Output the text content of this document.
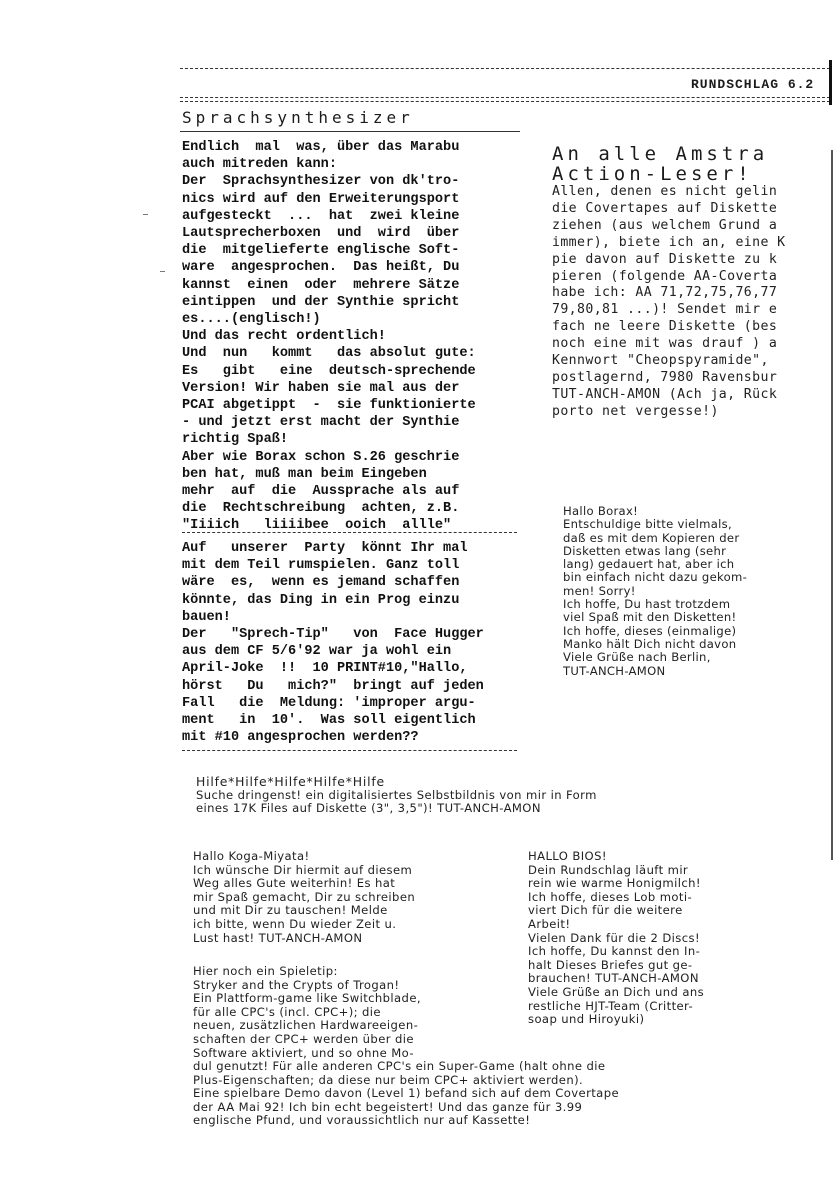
RUNDSCHLAG 6.2
Sprachsynthesizer
Endlich  mal  was, über das Marabu
auch mitreden kann:
Der  Sprachsynthesizer von dk'tro-
nics wird auf den Erweiterungsport
aufgesteckt  ...  hat  zwei kleine
Lautsprecherboxen  und  wird  über
die  mitgelieferte englische Soft-
ware  angesprochen.  Das heißt, Du
kannst  einen  oder  mehrere Sätze
eintippen  und der Synthie spricht
es....(englisch!)
Und das recht ordentlich!
Und  nun   kommt   das absolut gute:
Es   gibt   eine  deutsch-sprechende
Version! Wir haben sie mal aus der
PCAI abgetippt  -  sie funktionierte
- und jetzt erst macht der Synthie
richtig Spaß!
Aber wie Borax schon S.26 geschrie
ben hat, muß man beim Eingeben
mehr  auf  die  Aussprache als auf
die  Rechtschreibung  achten, z.B.
"Iiiich   liiiibee  ooich  allle"
Auf   unserer  Party  könnt Ihr mal
mit dem Teil rumspielen. Ganz toll
wäre  es,  wenn es jemand schaffen
könnte, das Ding in ein Prog einzu
bauen!
Der   "Sprech-Tip"   von  Face Hugger
aus dem CF 5/6'92 war ja wohl ein
April-Joke  !!  10 PRINT#10,"Hallo,
hörst   Du   mich?"  bringt auf jeden
Fall   die  Meldung: 'improper argu-
ment   in  10'.  Was soll eigentlich
mit #10 angesprochen werden??
An alle Amstra
Action-Leser!
Allen, denen es nicht gelin
die Covertapes auf Diskette
ziehen (aus welchem Grund a
immer), biete ich an, eine K
pie davon auf Diskette zu k
pieren (folgende AA-Coverta
habe ich: AA 71,72,75,76,77
79,80,81 ...)! Sendet mir e
fach ne leere Diskette (bes
noch eine mit was drauf ) a
Kennwort "Cheopspyramide",
postlagernd, 7980 Ravensbur
TUT-ANCH-AMON (Ach ja, Rück
porto net vergesse!)
Hallo Borax!
Entschuldige bitte vielmals,
daß es mit dem Kopieren der
Disketten etwas lang (sehr
lang) gedauert hat, aber ich
bin einfach nicht dazu gekom-
men! Sorry!
Ich hoffe, Du hast trotzdem
viel Spaß mit den Disketten!
Ich hoffe, dieses (einmalige)
Manko hält Dich nicht davon
Viele Grüße nach Berlin,
TUT-ANCH-AMON
Hilfe*Hilfe*Hilfe*Hilfe*Hilfe
Suche dringenst! ein digitalisiertes Selbstbildnis von mir in Form
eines 17K Files auf Diskette (3", 3,5")! TUT-ANCH-AMON
Hallo Koga-Miyata!
Ich wünsche Dir hiermit auf diesem
Weg alles Gute weiterhin! Es hat
mir Spaß gemacht, Dir zu schreiben
und mit Dir zu tauschen! Melde
ich bitte, wenn Du wieder Zeit u.
Lust hast! TUT-ANCH-AMON
HALLO BIOS!
Dein Rundschlag läuft mir
rein wie warme Honigmilch!
Ich hoffe, dieses Lob moti-
viert Dich für die weitere
Arbeit!
Vielen Dank für die 2 Discs!
Ich hoffe, Du kannst den In-
halt Dieses Briefes gut ge-
brauchen! TUT-ANCH-AMON
Viele Grüße an Dich und ans
restliche HJT-Team (Critter-
soap und Hiroyuki)
Hier noch ein Spieletip:
Stryker and the Crypts of Trogan!
Ein Plattform-game like Switchblade,
für alle CPC's (incl. CPC+); die
neuen, zusätzlichen Hardwareeigen-
schaften der CPC+ werden über die
Software aktiviert, und so ohne Mo-
dul genutzt! Für alle anderen CPC's ein Super-Game (halt ohne die
Plus-Eigenschaften; da diese nur beim CPC+ aktiviert werden).
Eine spielbare Demo davon (Level 1) befand sich auf dem Covertape
der AA Mai 92! Ich bin echt begeistert! Und das ganze für 3.99
englische Pfund, und voraussichtlich nur auf Kassette!
